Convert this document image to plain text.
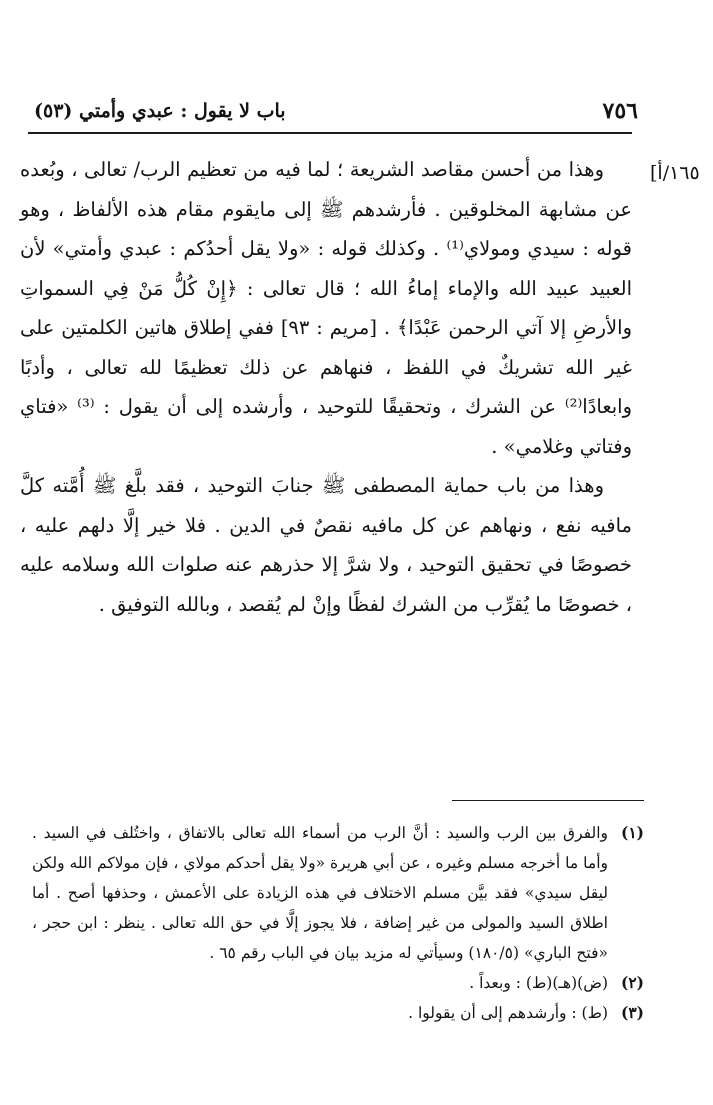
باب لا يقول : عبدي وأمتي (٥٣)	٧٥٦
١٦٥/أ]

وهذا من أحسن مقاصد الشريعة ؛ لما فيه من تعظيم الرب/ تعالى ، وبُعده عن مشابهة المخلوقين . فأرشدهم ﷺ إلى مايقوم مقام هذه الألفاظ ، وهو قوله : سيدي ومولاي⁽¹⁾ . وكذلك قوله : «ولا يقل أحدُكم : عبدي وأمتي» لأن العبيد عبيد الله والإماء إماءُ الله ؛ قال تعالى : ﴿إِنْ كُلُّ مَنْ فِي السمواتِ والأرضِ إلا آتي الرحمن عَبْدًا﴾ . [مريم : ٩٣] ففي إطلاق هاتين الكلمتين على غير الله تشريكٌ في اللفظ ، فنهاهم عن ذلك تعظيمًا لله تعالى ، وأدبًا وابعادًا⁽²⁾ عن الشرك ، وتحقيقًا للتوحيد ، وأرشده إلى أن يقول : ⁽³⁾ «فتاي وفتاتي وغلامي» .

وهذا من باب حماية المصطفى ﷺ جنابَ التوحيد ، فقد بلَّغ ﷺ أُمَّته كلَّ مافيه نفع ، ونهاهم عن كل مافيه نقصٌ في الدين . فلا خير إلَّا دلهم عليه ، خصوصًا في تحقيق التوحيد ، ولا شرَّ إلا حذرهم عنه صلوات الله وسلامه عليه ، خصوصًا ما يُقرِّب من الشرك لفظًا وإنْ لم يُقصد ، وبالله التوفيق .

(١)
والفرق بين الرب والسيد : أنَّ الرب من أسماء الله تعالى بالاتفاق ، واختُلف في السيد . وأما ما أخرجه مسلم وغيره ، عن أبي هريرة «ولا يقل أحدكم مولاي ، فإن مولاكم الله ولكن ليقل سيدي» فقد بيَّن مسلم الاختلاف في هذه الزيادة على الأعمش ، وحذفها أصح . أما اطلاق السيد والمولى من غير إضافة ، فلا يجوز إلَّا في حق الله تعالى . ينظر : ابن حجر ، «فتح الباري» (١٨٠/٥) وسيأتي له مزيد بيان في الباب رقم ٦٥ .
(٢)
(ض)(هـ)(ط) : وبعداً .
(٣)
(ط) : وأرشدهم إلى أن يقولوا .
